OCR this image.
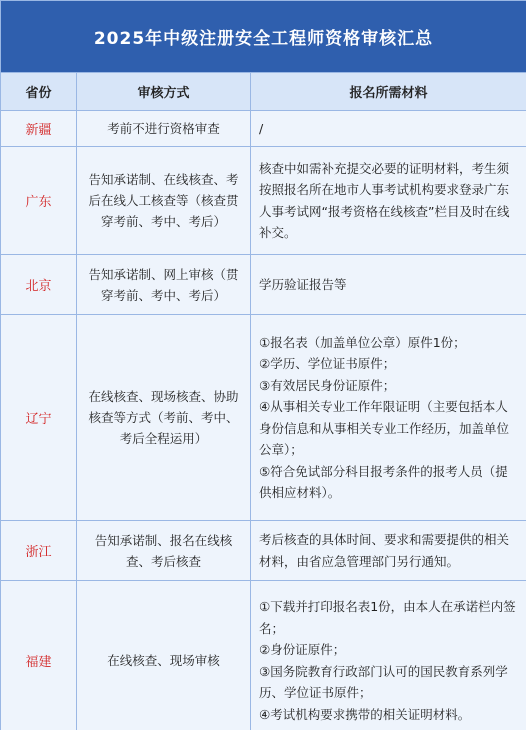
2025年中级注册安全工程师资格审核汇总		
省份	审核方式	报名所需材料
新疆	考前不进行资格审查	/

广东	告知承诺制、在线核查、考后在线人工核查等（核查贯穿考前、考中、考后）	核查中如需补充提交必要的证明材料，考生须按照报名所在地市人事考试机构要求登录广东人事考试网“报考资格在线核查”栏目及时在线补交。

北京	告知承诺制、网上审核（贯穿考前、考中、考后）	学历验证报告等

辽宁	在线核查、现场核查、协助核查等方式（考前、考中、考后全程运用）	①报名表（加盖单位公章）原件1份；
②学历、学位证书原件；
③有效居民身份证原件；
④从事相关专业工作年限证明（主要包括本人身份信息和从事相关专业工作经历，加盖单位公章）；
⑤符合免试部分科目报考条件的报考人员（提供相应材料）。

浙江	告知承诺制、报名在线核查、考后核查	考后核查的具体时间、要求和需要提供的相关材料，由省应急管理部门另行通知。

福建	在线核查、现场审核	①下载并打印报名表1份，由本人在承诺栏内签名；
②身份证原件；
③国务院教育行政部门认可的国民教育系列学历、学位证书原件；
④考试机构要求携带的相关证明材料。
